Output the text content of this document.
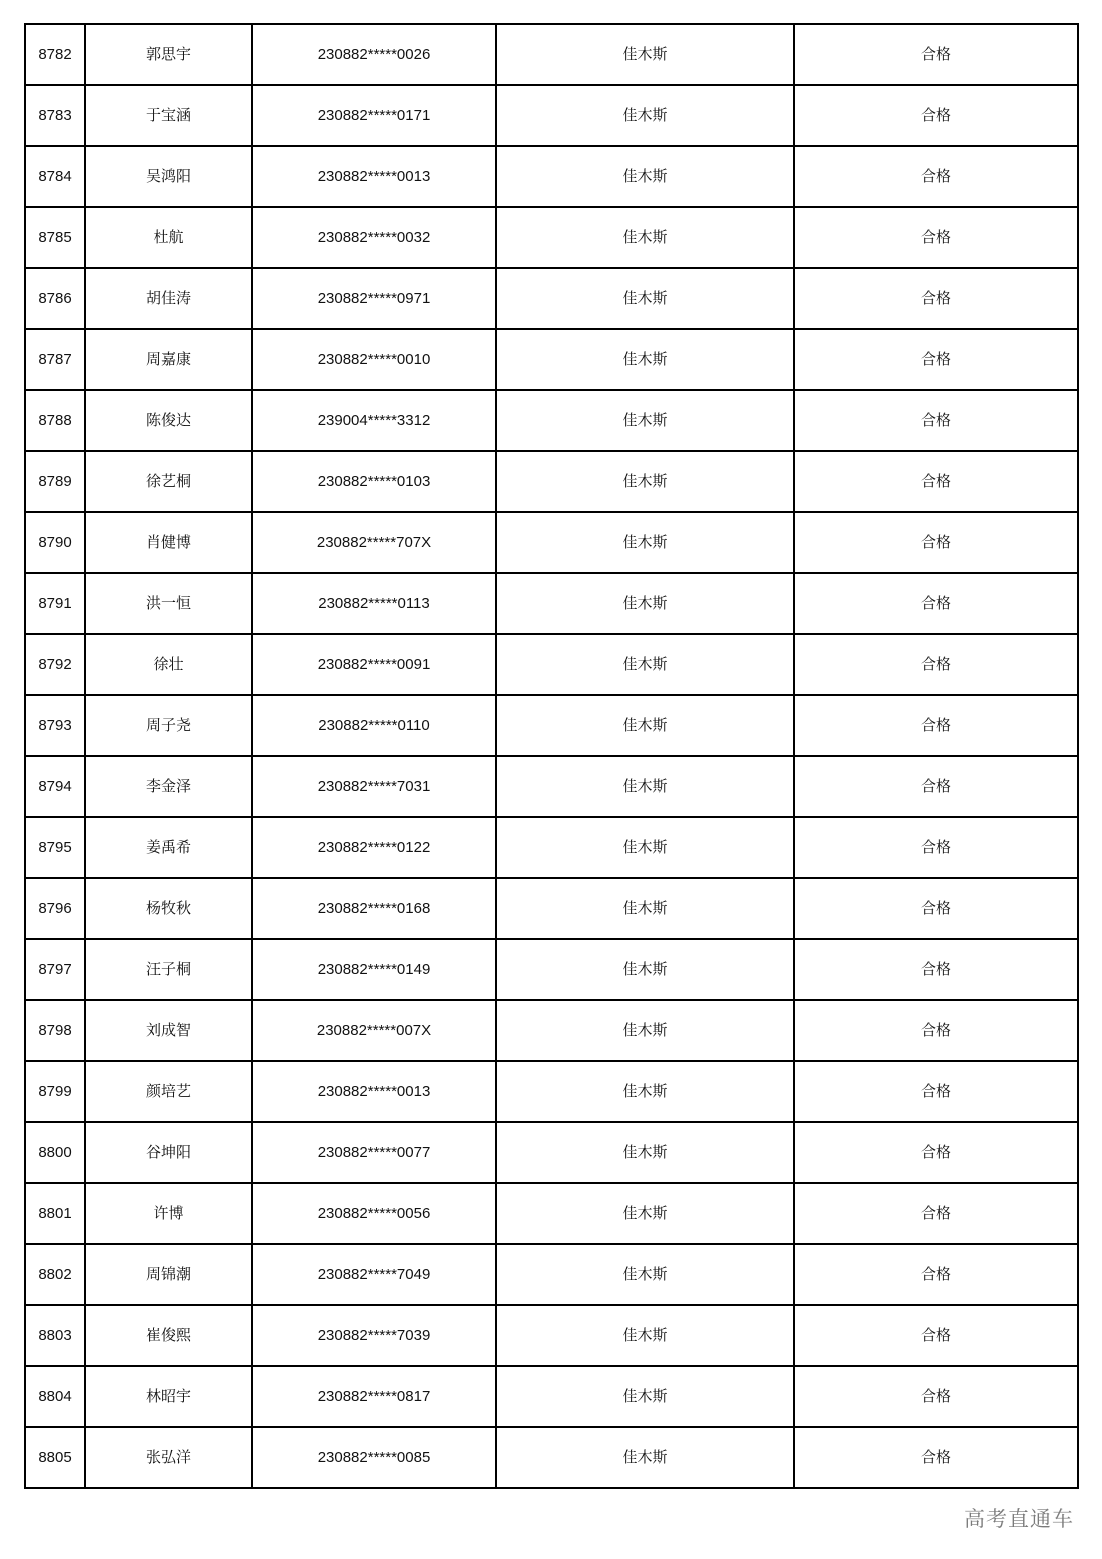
8782	郭思宇	230882*****0026	佳木斯	合格
8783	于宝涵	230882*****0171	佳木斯	合格
8784	吴鸿阳	230882*****0013	佳木斯	合格
8785	杜航	230882*****0032	佳木斯	合格
8786	胡佳涛	230882*****0971	佳木斯	合格
8787	周嘉康	230882*****0010	佳木斯	合格
8788	陈俊达	239004*****3312	佳木斯	合格
8789	徐艺桐	230882*****0103	佳木斯	合格
8790	肖健博	230882*****707X	佳木斯	合格
8791	洪一恒	230882*****0113	佳木斯	合格
8792	徐壮	230882*****0091	佳木斯	合格
8793	周子尧	230882*****0110	佳木斯	合格
8794	李金泽	230882*****7031	佳木斯	合格
8795	姜禹希	230882*****0122	佳木斯	合格
8796	杨牧秋	230882*****0168	佳木斯	合格
8797	汪子桐	230882*****0149	佳木斯	合格
8798	刘成智	230882*****007X	佳木斯	合格
8799	颜培艺	230882*****0013	佳木斯	合格
8800	谷坤阳	230882*****0077	佳木斯	合格
8801	许博	230882*****0056	佳木斯	合格
8802	周锦潮	230882*****7049	佳木斯	合格
8803	崔俊熙	230882*****7039	佳木斯	合格
8804	林昭宇	230882*****0817	佳木斯	合格
8805	张弘洋	230882*****0085	佳木斯	合格
高考直通车
